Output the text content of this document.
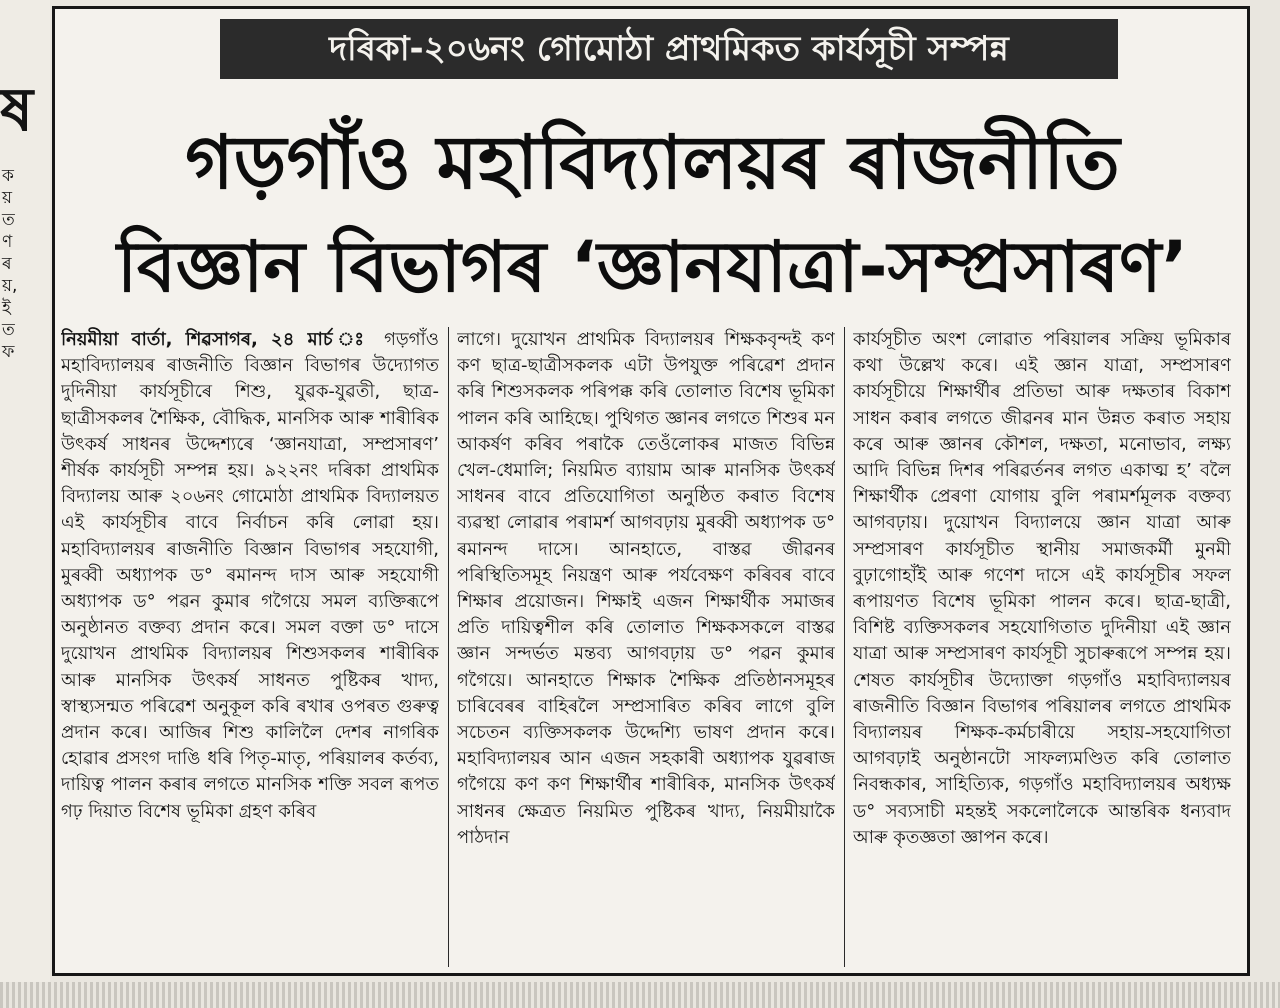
ষ
ক
য়
ত
ণ
ৰ
য়,
ই
ত
ফ
দৰিকা-২০৬নং গোমোঠা প্ৰাথমিকত কাৰ্যসূচী সম্পন্ন
গড়গাঁও মহাবিদ্যালয়ৰ ৰাজনীতি
বিজ্ঞান বিভাগৰ ‘জ্ঞানযাত্ৰা-সম্প্ৰসাৰণ’
নিয়মীয়া বাৰ্তা, শিৱসাগৰ, ২৪ মাৰ্চ ঃ গড়গাঁও মহাবিদ্যালয়ৰ ৰাজনীতি বিজ্ঞান বিভাগৰ উদ্যোগত দুদিনীয়া কাৰ্যসূচীৰে শিশু, যুৱক-যুৱতী, ছাত্ৰ-ছাত্ৰীসকলৰ শৈক্ষিক, বৌদ্ধিক, মানসিক আৰু শাৰীৰিক উৎকৰ্ষ সাধনৰ উদ্দেশ্যৰে ‘জ্ঞানযাত্ৰা, সম্প্ৰসাৰণ’ শীৰ্ষক কাৰ্যসূচী সম্পন্ন হয়। ৯২২নং দৰিকা প্ৰাথমিক বিদ্যালয় আৰু ২০৬নং গোমোঠা প্ৰাথমিক বিদ্যালয়ত এই কাৰ্যসূচীৰ বাবে নিৰ্বাচন কৰি লোৱা হয়। মহাবিদ্যালয়ৰ ৰাজনীতি বিজ্ঞান বিভাগৰ সহযোগী, মুৰব্বী অধ্যাপক ড° ৰমানন্দ দাস আৰু সহযোগী অধ্যাপক ড° পৱন কুমাৰ গগৈয়ে সমল ব্যক্তিৰূপে অনুষ্ঠানত বক্তব্য প্ৰদান কৰে। সমল বক্তা ড° দাসে দুয়োখন প্ৰাথমিক বিদ্যালয়ৰ শিশুসকলৰ শাৰীৰিক আৰু মানসিক উৎকৰ্ষ সাধনত পুষ্টিকৰ খাদ্য, স্বাস্থ্যসন্মত পৰিৱেশ অনুকূল কৰি ৰখাৰ ওপৰত গুৰুত্ব প্ৰদান কৰে। আজিৰ শিশু কালিলৈ দেশৰ নাগৰিক হোৱাৰ প্ৰসংগ দাঙি ধৰি পিতৃ-মাতৃ, পৰিয়ালৰ কৰ্তব্য, দায়িত্ব পালন কৰাৰ লগতে মানসিক শক্তি সবল ৰূপত গঢ় দিয়াত বিশেষ ভূমিকা গ্ৰহণ কৰিব
লাগে। দুয়োখন প্ৰাথমিক বিদ্যালয়ৰ শিক্ষকবৃন্দই কণ কণ ছাত্ৰ-ছাত্ৰীসকলক এটা উপযুক্ত পৰিৱেশ প্ৰদান কৰি শিশুসকলক পৰিপক্ক কৰি তোলাত বিশেষ ভূমিকা পালন কৰি আহিছে। পুথিগত জ্ঞানৰ লগতে শিশুৰ মন আকৰ্ষণ কৰিব পৰাকৈ তেওঁলোকৰ মাজত বিভিন্ন খেল-ধেমালি; নিয়মিত ব্যায়াম আৰু মানসিক উৎকৰ্ষ সাধনৰ বাবে প্ৰতিযোগিতা অনুষ্ঠিত কৰাত বিশেষ ব্যৱস্থা লোৱাৰ পৰামৰ্শ আগবঢ়ায় মুৰব্বী অধ্যাপক ড° ৰমানন্দ দাসে। আনহাতে, বাস্তৱ জীৱনৰ পৰিস্থিতিসমূহ নিয়ন্ত্ৰণ আৰু পৰ্যবেক্ষণ কৰিবৰ বাবে শিক্ষাৰ প্ৰয়োজন। শিক্ষাই এজন শিক্ষাৰ্থীক সমাজৰ প্ৰতি দায়িত্বশীল কৰি তোলাত শিক্ষকসকলে বাস্তৱ জ্ঞান সন্দৰ্ভত মন্তব্য আগবঢ়ায় ড° পৱন কুমাৰ গগৈয়ে। আনহাতে শিক্ষাক শৈক্ষিক প্ৰতিষ্ঠানসমূহৰ চাৰিবেৰৰ বাহিৰলৈ সম্প্ৰসাৰিত কৰিব লাগে বুলি সচেতন ব্যক্তিসকলক উদ্দেশ্যি ভাষণ প্ৰদান কৰে। মহাবিদ্যালয়ৰ আন এজন সহকাৰী অধ্যাপক যুৱৰাজ গগৈয়ে কণ কণ শিক্ষাৰ্থীৰ শাৰীৰিক, মানসিক উৎকৰ্ষ সাধনৰ ক্ষেত্ৰত নিয়মিত পুষ্টিকৰ খাদ্য, নিয়মীয়াকৈ পাঠদান
কাৰ্যসূচীত অংশ লোৱাত পৰিয়ালৰ সক্ৰিয় ভূমিকাৰ কথা উল্লেখ কৰে। এই জ্ঞান যাত্ৰা, সম্প্ৰসাৰণ কাৰ্যসূচীয়ে শিক্ষাৰ্থীৰ প্ৰতিভা আৰু দক্ষতাৰ বিকাশ সাধন কৰাৰ লগতে জীৱনৰ মান উন্নত কৰাত সহায় কৰে আৰু জ্ঞানৰ কৌশল, দক্ষতা, মনোভাব, লক্ষ্য আদি বিভিন্ন দিশৰ পৰিৱৰ্তনৰ লগত একাত্ম হ’ বলৈ শিক্ষাৰ্থীক প্ৰেৰণা যোগায় বুলি পৰামৰ্শমূলক বক্তব্য আগবঢ়ায়। দুয়োখন বিদ্যালয়ে জ্ঞান যাত্ৰা আৰু সম্প্ৰসাৰণ কাৰ্যসূচীত স্থানীয় সমাজকৰ্মী মুনমী বুঢ়াগোহাঁই আৰু গণেশ দাসে এই কাৰ্যসূচীৰ সফল ৰূপায়ণত বিশেষ ভূমিকা পালন কৰে। ছাত্ৰ-ছাত্ৰী, বিশিষ্ট ব্যক্তিসকলৰ সহযোগিতাত দুদিনীয়া এই জ্ঞান যাত্ৰা আৰু সম্প্ৰসাৰণ কাৰ্যসূচী সুচাৰুৰূপে সম্পন্ন হয়। শেষত কাৰ্যসূচীৰ উদ্যোক্তা গড়গাঁও মহাবিদ্যালয়ৰ ৰাজনীতি বিজ্ঞান বিভাগৰ পৰিয়ালৰ লগতে প্ৰাথমিক বিদ্যালয়ৰ শিক্ষক-কৰ্মচাৰীয়ে সহায়-সহযোগিতা আগবঢ়াই অনুষ্ঠানটো সাফল্যমণ্ডিত কৰি তোলাত নিবন্ধকাৰ, সাহিত্যিক, গড়গাঁও মহাবিদ্যালয়ৰ অধ্যক্ষ ড° সব্যসাচী মহন্তই সকলোলৈকে আন্তৰিক ধন্যবাদ আৰু কৃতজ্ঞতা জ্ঞাপন কৰে।
